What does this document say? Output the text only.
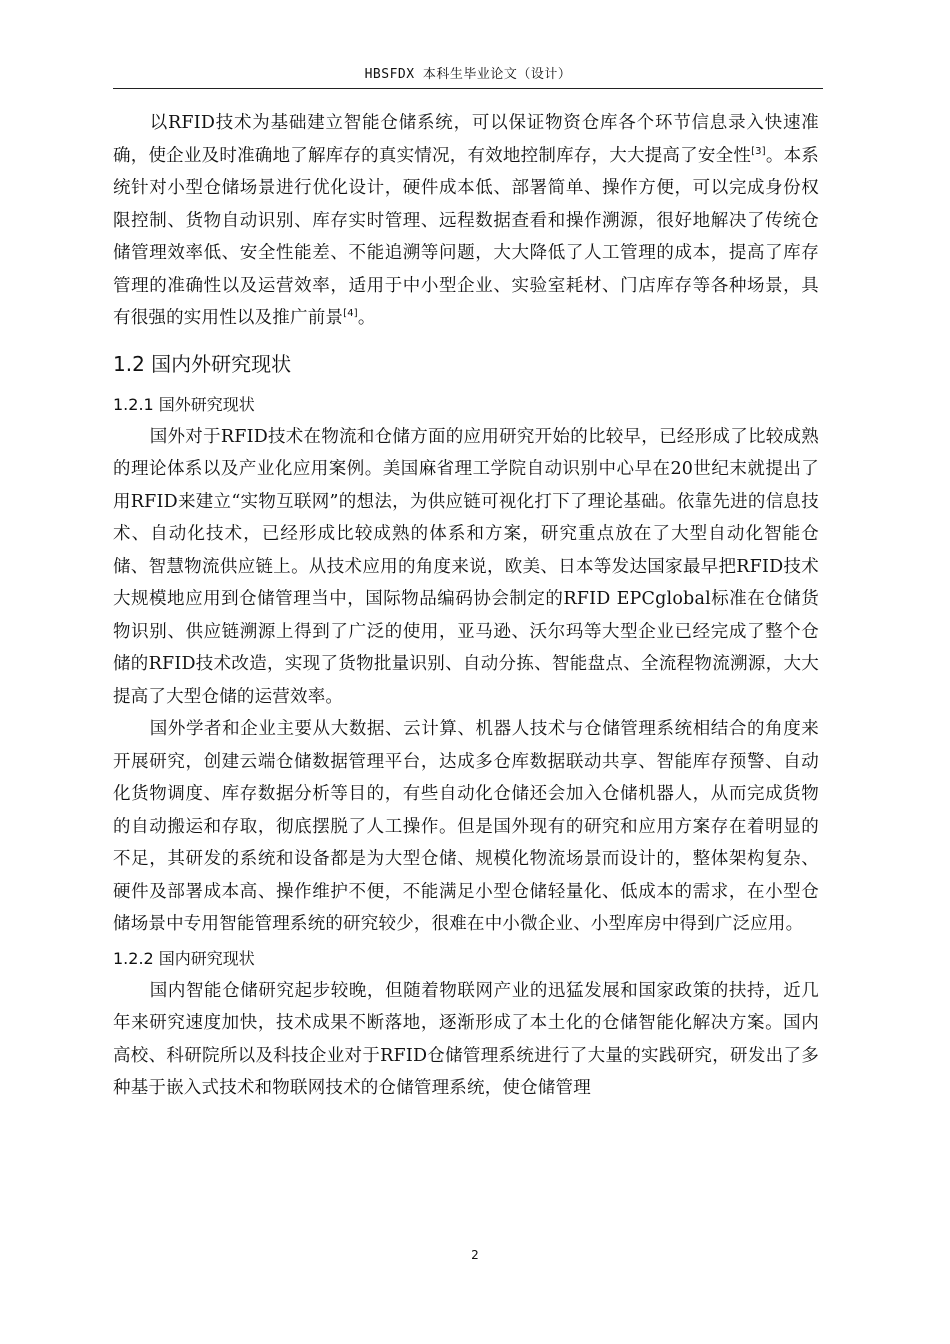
HBSFDX 本科生毕业论文（设计）

以RFID技术为基础建立智能仓储系统，可以保证物资仓库各个环节信息录入快速准确，使企业及时准确地了解库存的真实情况，有效地控制库存，大大提高了安全性[3]。本系统针对小型仓储场景进行优化设计，硬件成本低、部署简单、操作方便，可以完成身份权限控制、货物自动识别、库存实时管理、远程数据查看和操作溯源，很好地解决了传统仓储管理效率低、安全性能差、不能追溯等问题，大大降低了人工管理的成本，提高了库存管理的准确性以及运营效率，适用于中小型企业、实验室耗材、门店库存等各种场景，具有很强的实用性以及推广前景[4]。

1.2 国内外研究现状
1.2.1 国外研究现状

国外对于RFID技术在物流和仓储方面的应用研究开始的比较早，已经形成了比较成熟的理论体系以及产业化应用案例。美国麻省理工学院自动识别中心早在20世纪末就提出了用RFID来建立“实物互联网”的想法，为供应链可视化打下了理论基础。依靠先进的信息技术、自动化技术，已经形成比较成熟的体系和方案，研究重点放在了大型自动化智能仓储、智慧物流供应链上。从技术应用的角度来说，欧美、日本等发达国家最早把RFID技术大规模地应用到仓储管理当中，国际物品编码协会制定的RFID EPCglobal标准在仓储货物识别、供应链溯源上得到了广泛的使用，亚马逊、沃尔玛等大型企业已经完成了整个仓储的RFID技术改造，实现了货物批量识别、自动分拣、智能盘点、全流程物流溯源，大大提高了大型仓储的运营效率。

国外学者和企业主要从大数据、云计算、机器人技术与仓储管理系统相结合的角度来开展研究，创建云端仓储数据管理平台，达成多仓库数据联动共享、智能库存预警、自动化货物调度、库存数据分析等目的，有些自动化仓储还会加入仓储机器人，从而完成货物的自动搬运和存取，彻底摆脱了人工操作。但是国外现有的研究和应用方案存在着明显的不足，其研发的系统和设备都是为大型仓储、规模化物流场景而设计的，整体架构复杂、硬件及部署成本高、操作维护不便，不能满足小型仓储轻量化、低成本的需求，在小型仓储场景中专用智能管理系统的研究较少，很难在中小微企业、小型库房中得到广泛应用。

1.2.2 国内研究现状

国内智能仓储研究起步较晚，但随着物联网产业的迅猛发展和国家政策的扶持，近几年来研究速度加快，技术成果不断落地，逐渐形成了本土化的仓储智能化解决方案。国内高校、科研院所以及科技企业对于RFID仓储管理系统进行了大量的实践研究，研发出了多种基于嵌入式技术和物联网技术的仓储管理系统，使仓储管理

2
